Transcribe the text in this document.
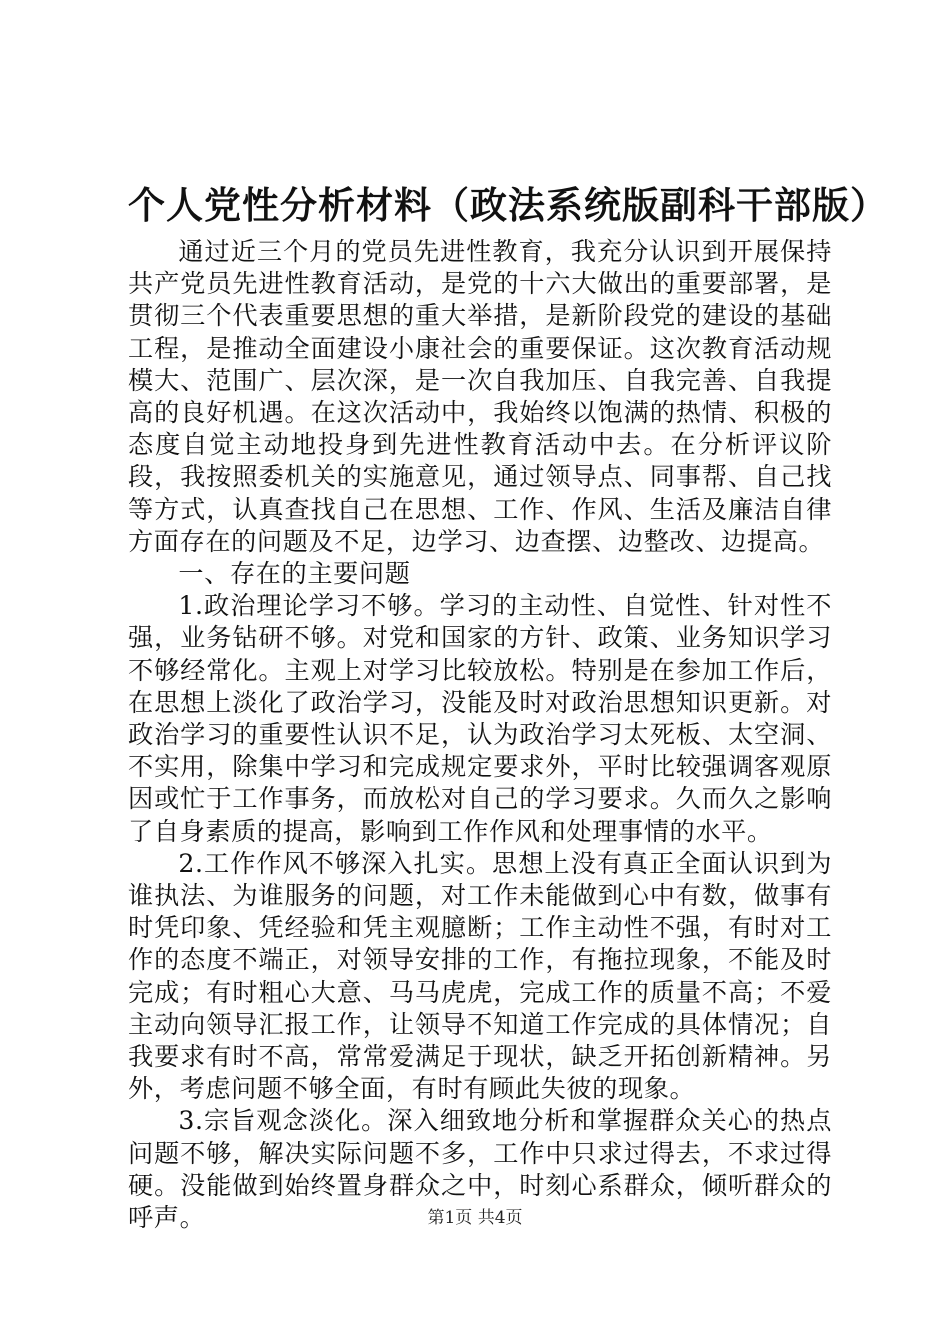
个人党性分析材料（政法系统版副科干部版）

通过近三个月的党员先进性教育，我充分认识到开展保持共产党员先进性教育活动，是党的十六大做出的重要部署，是贯彻三个代表重要思想的重大举措，是新阶段党的建设的基础工程，是推动全面建设小康社会的重要保证。这次教育活动规模大、范围广、层次深，是一次自我加压、自我完善、自我提高的良好机遇。在这次活动中，我始终以饱满的热情、积极的态度自觉主动地投身到先进性教育活动中去。在分析评议阶段，我按照委机关的实施意见，通过领导点、同事帮、自己找等方式，认真查找自己在思想、工作、作风、生活及廉洁自律方面存在的问题及不足，边学习、边查摆、边整改、边提高。

一、存在的主要问题

1.政治理论学习不够。学习的主动性、自觉性、针对性不强，业务钻研不够。对党和国家的方针、政策、业务知识学习不够经常化。主观上对学习比较放松。特别是在参加工作后，在思想上淡化了政治学习，没能及时对政治思想知识更新。对政治学习的重要性认识不足，认为政治学习太死板、太空洞、不实用，除集中学习和完成规定要求外，平时比较强调客观原因或忙于工作事务，而放松对自己的学习要求。久而久之影响了自身素质的提高，影响到工作作风和处理事情的水平。

2.工作作风不够深入扎实。思想上没有真正全面认识到为谁执法、为谁服务的问题，对工作未能做到心中有数，做事有时凭印象、凭经验和凭主观臆断；工作主动性不强，有时对工作的态度不端正，对领导安排的工作，有拖拉现象，不能及时完成；有时粗心大意、马马虎虎，完成工作的质量不高；不爱主动向领导汇报工作，让领导不知道工作完成的具体情况；自我要求有时不高，常常爱满足于现状，缺乏开拓创新精神。另外，考虑问题不够全面，有时有顾此失彼的现象。

3.宗旨观念淡化。深入细致地分析和掌握群众关心的热点问题不够，解决实际问题不多，工作中只求过得去，不求过得硬。没能做到始终置身群众之中，时刻心系群众，倾听群众的呼声。	第1页 共4页
